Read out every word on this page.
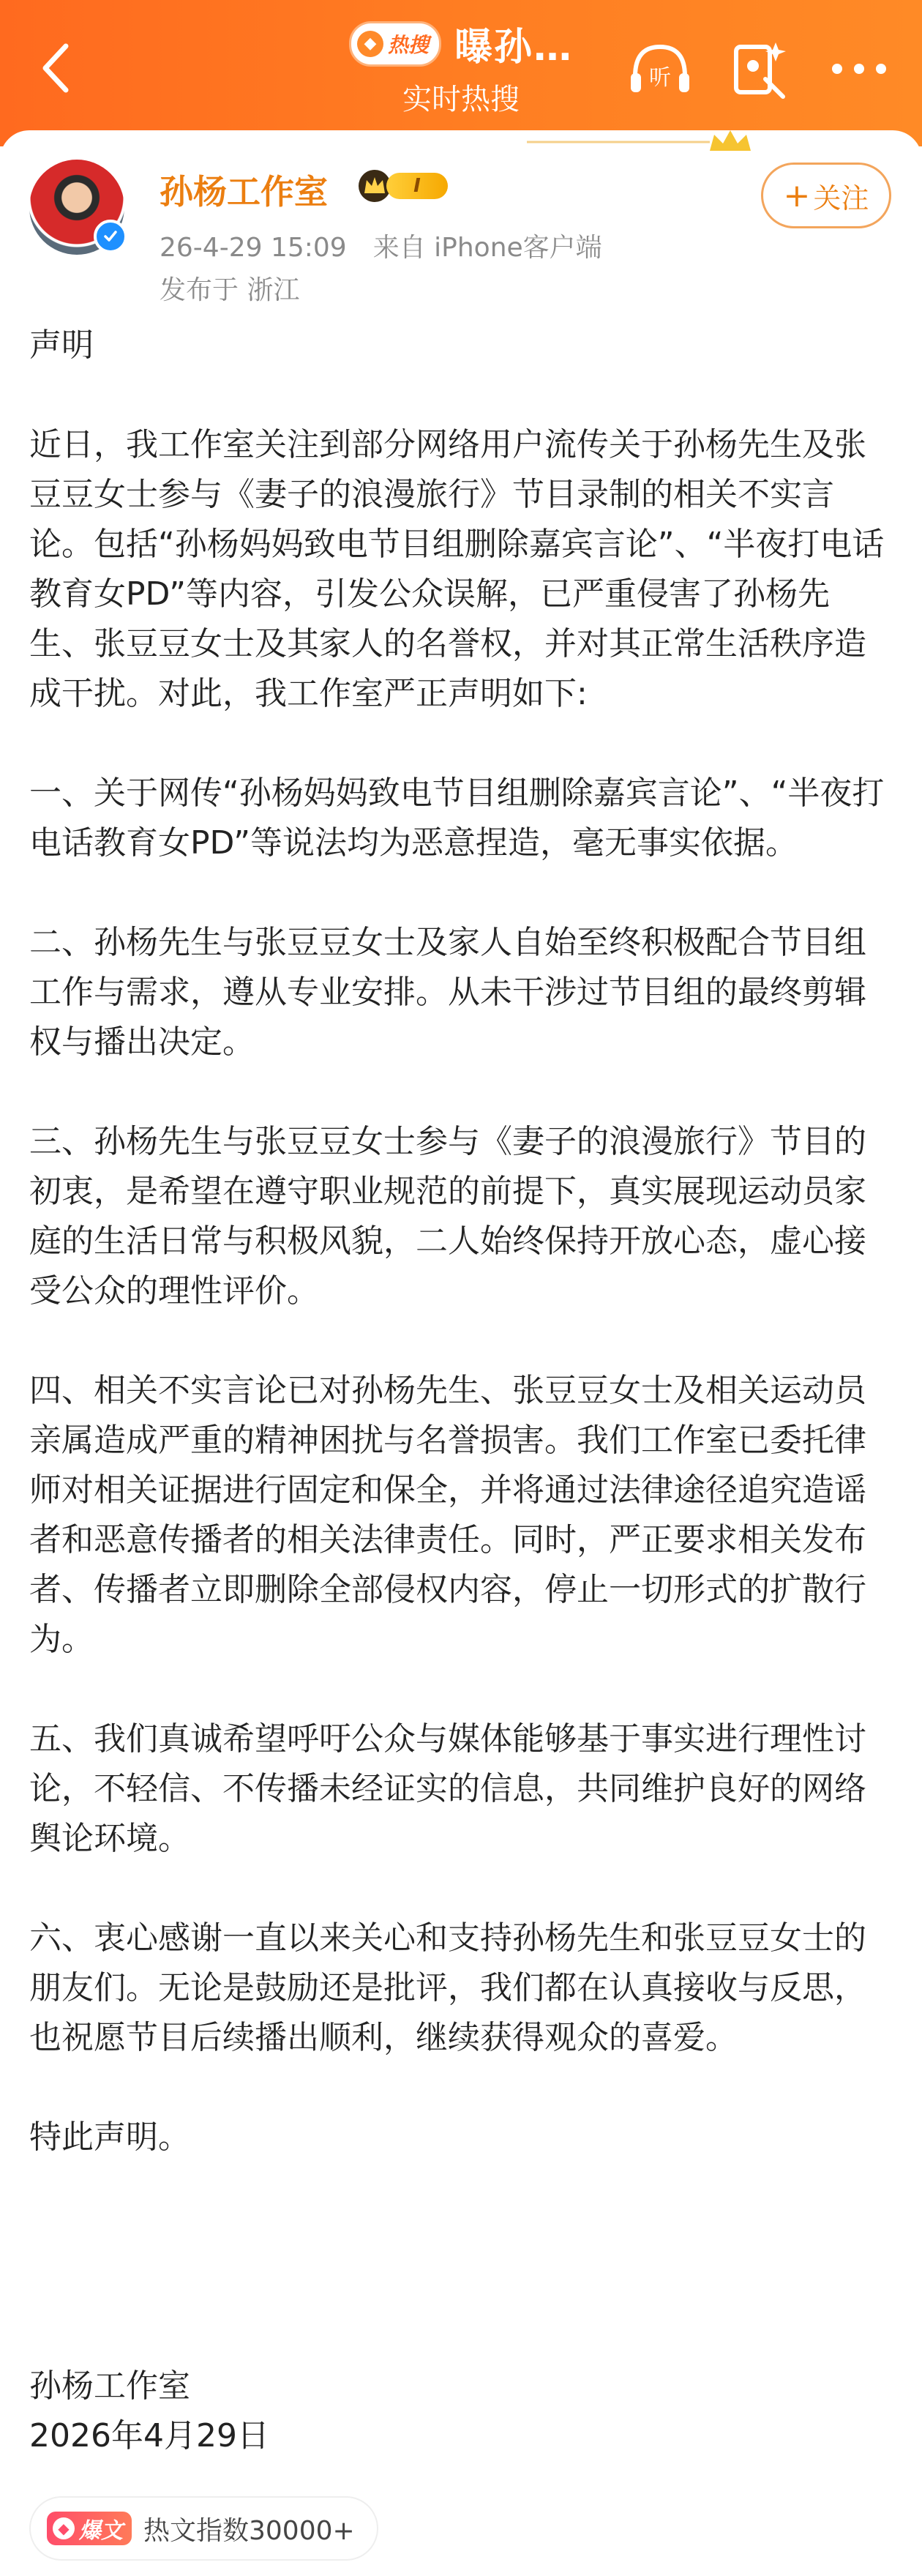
◆ 热搜 曝孙…
实时热搜
听
孙杨工作室	I	+ 关注
26-4-29 15:09 来自 iPhone客户端
发布于 浙江

声明

近日，我工作室关注到部分网络用户流传关于孙杨先生及张豆豆女士参与《妻子的浪漫旅行》节目录制的相关不实言论。包括“孙杨妈妈致电节目组删除嘉宾言论”、“半夜打电话教育女PD”等内容，引发公众误解，已严重侵害了孙杨先生、张豆豆女士及其家人的名誉权，并对其正常生活秩序造成干扰。对此，我工作室严正声明如下:

一、关于网传“孙杨妈妈致电节目组删除嘉宾言论”、“半夜打电话教育女PD”等说法均为恶意捏造，毫无事实依据。

二、孙杨先生与张豆豆女士及家人自始至终积极配合节目组工作与需求，遵从专业安排。从未干涉过节目组的最终剪辑权与播出决定。

三、孙杨先生与张豆豆女士参与《妻子的浪漫旅行》节目的初衷，是希望在遵守职业规范的前提下，真实展现运动员家庭的生活日常与积极风貌，二人始终保持开放心态，虚心接受公众的理性评价。

四、相关不实言论已对孙杨先生、张豆豆女士及相关运动员亲属造成严重的精神困扰与名誉损害。我们工作室已委托律师对相关证据进行固定和保全，并将通过法律途径追究造谣者和恶意传播者的相关法律责任。同时，严正要求相关发布者、传播者立即删除全部侵权内容，停止一切形式的扩散行为。

五、我们真诚希望呼吁公众与媒体能够基于事实进行理性讨论，不轻信、不传播未经证实的信息，共同维护良好的网络舆论环境。

六、衷心感谢一直以来关心和支持孙杨先生和张豆豆女士的朋友们。无论是鼓励还是批评，我们都在认真接收与反思，也祝愿节目后续播出顺利，继续获得观众的喜爱。

特此声明。

孙杨工作室
2026年4月29日
◆ 爆文 热文指数30000+
